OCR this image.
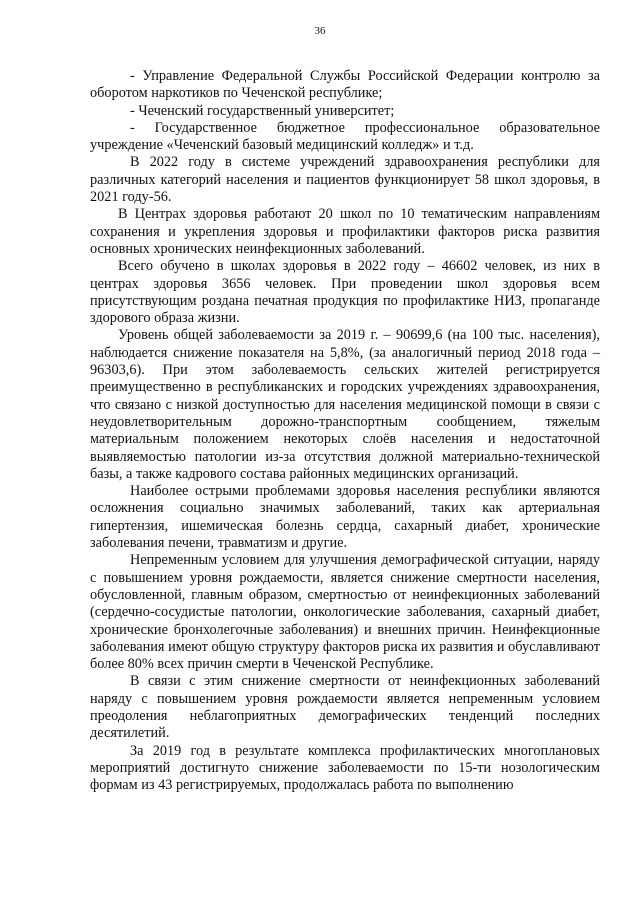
36

- Управление Федеральной Службы Российской Федерации контролю за оборотом наркотиков по Чеченской республике;

- Чеченский государственный университет;

- Государственное бюджетное профессиональное образовательное учреждение «Чеченский базовый медицинский колледж» и т.д.

В 2022 году в системе учреждений здравоохранения республики для различных категорий населения и пациентов функционирует 58 школ здоровья, в 2021 году-56.

В Центрах здоровья работают 20 школ по 10 тематическим направлениям сохранения и укрепления здоровья и профилактики факторов риска развития основных хронических неинфекционных заболеваний.

Всего обучено в школах здоровья в 2022 году – 46602 человек, из них в центрах здоровья 3656 человек. При проведении школ здоровья всем присутствующим роздана печатная продукция по профилактике НИЗ, пропаганде здорового образа жизни.

Уровень общей заболеваемости за 2019 г. – 90699,6 (на 100 тыс. населения), наблюдается снижение показателя на 5,8%, (за аналогичный период 2018 года – 96303,6). При этом заболеваемость сельских жителей регистрируется преимущественно в республиканских и городских учреждениях здравоохранения, что связано с низкой доступностью для населения медицинской помощи в связи с неудовлетворительным дорожно-транспортным сообщением, тяжелым материальным положением некоторых слоёв населения и недостаточной выявляемостью патологии из-за отсутствия должной материально-технической базы, а также кадрового состава районных медицинских организаций.

Наиболее острыми проблемами здоровья населения республики являются осложнения социально значимых заболеваний, таких как артериальная гипертензия, ишемическая болезнь сердца, сахарный диабет, хронические заболевания печени, травматизм и другие.

Непременным условием для улучшения демографической ситуации, наряду с повышением уровня рождаемости, является снижение смертности населения, обусловленной, главным образом, смертностью от неинфекционных заболеваний (сердечно-сосудистые патологии, онкологические заболевания, сахарный диабет, хронические бронхолегочные заболевания) и внешних причин. Неинфекционные заболевания имеют общую структуру факторов риска их развития и обуславливают более 80% всех причин смерти в Чеченской Республике.

В связи с этим снижение смертности от неинфекционных заболеваний наряду с повышением уровня рождаемости является непременным условием преодоления неблагоприятных демографических тенденций последних десятилетий.

За 2019 год в результате комплекса профилактических многоплановых мероприятий достигнуто снижение заболеваемости по 15-ти нозологическим формам из 43 регистрируемых, продолжалась работа по выполнению
